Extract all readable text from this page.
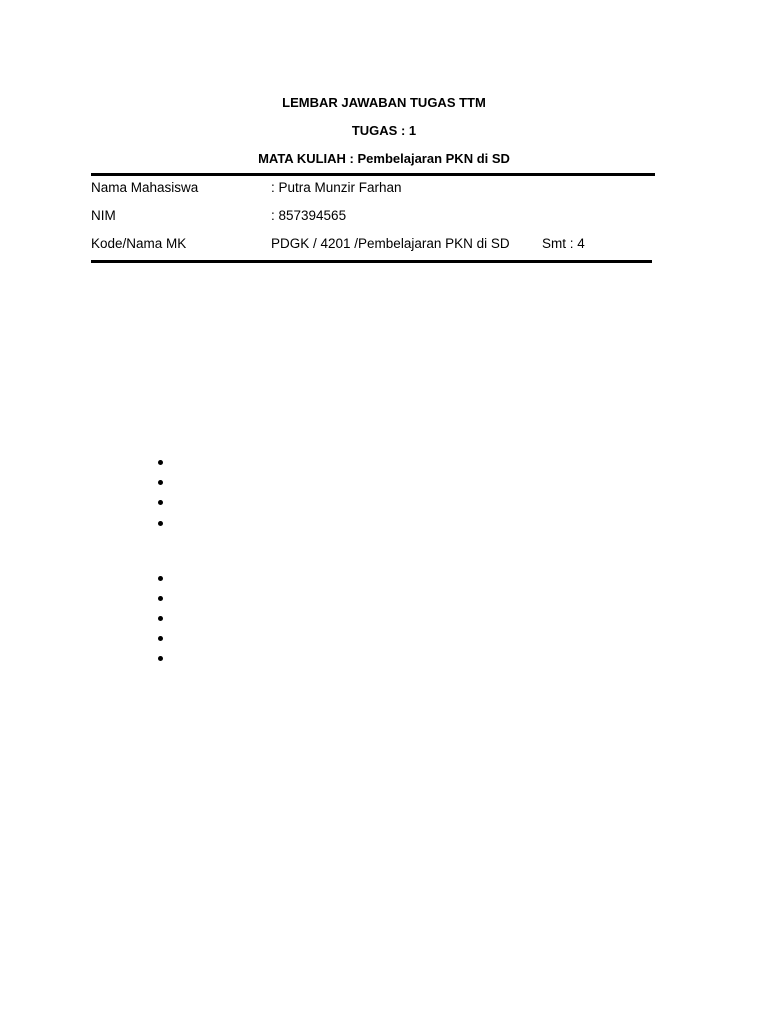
LEMBAR JAWABAN TUGAS TTM
TUGAS : 1
MATA KULIAH : Pembelajaran PKN di SD
Nama Mahasiswa	: Putra Munzir Farhan
NIM	: 857394565
Kode/Nama MK	PDGK / 4201 /Pembelajaran PKN di SD Smt : 4
